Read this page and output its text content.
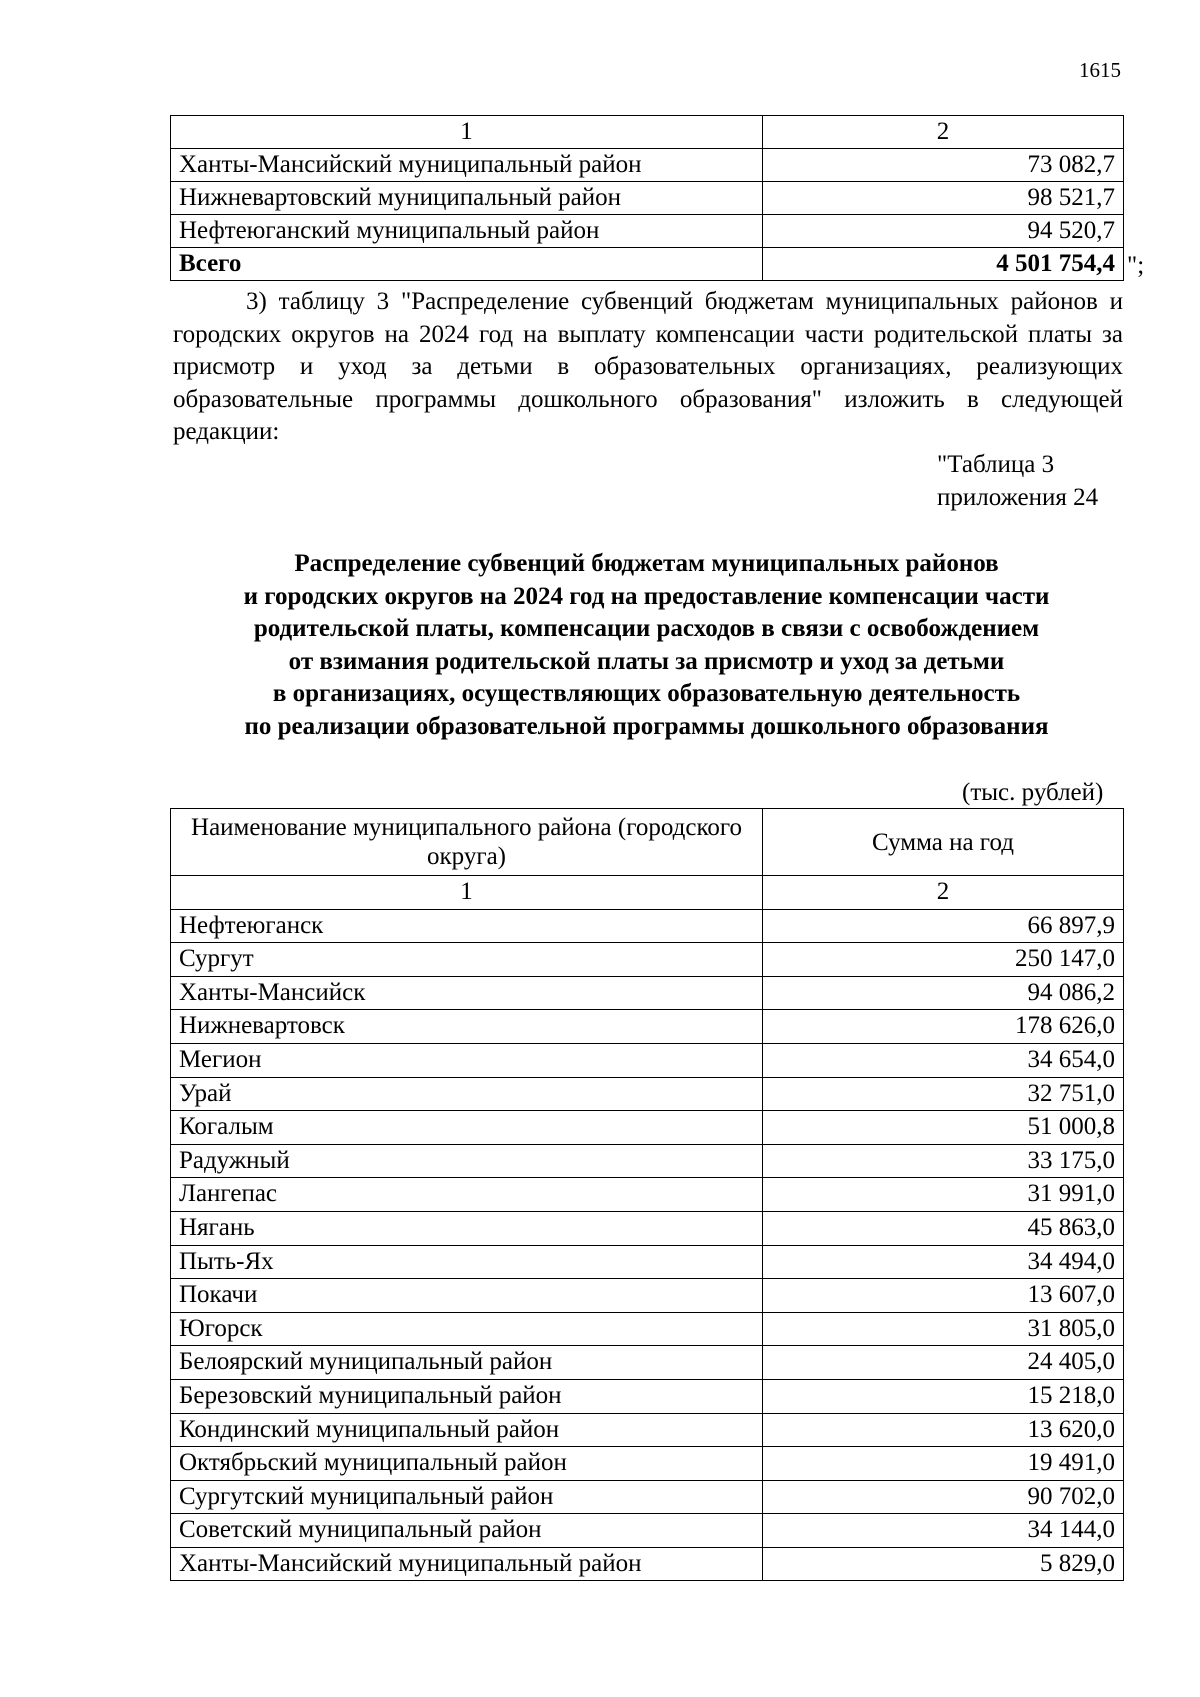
1615
1	2
Ханты-Мансийский муниципальный район	73 082,7
Нижневартовский муниципальный район	98 521,7
Нефтеюганский муниципальный район	94 520,7
Всего	4 501 754,4 ";

3) таблицу 3 "Распределение субвенций бюджетам муниципальных районов и городских округов на 2024 год на выплату компенсации части родительской платы за присмотр и уход за детьми в образовательных организациях, реализующих образовательные программы дошкольного образования" изложить в следующей редакции:

"Таблица 3
приложения 24
Распределение субвенций бюджетам муниципальных районов
и городских округов на 2024 год на предоставление компенсации части
родительской платы, компенсации расходов в связи с освобождением
от взимания родительской платы за присмотр и уход за детьми
в организациях, осуществляющих образовательную деятельность
по реализации образовательной программы дошкольного образования
(тыс. рублей)
Наименование муниципального района (городского округа)	Сумма на год
1	2
Нефтеюганск	66 897,9
Сургут	250 147,0
Ханты-Мансийск	94 086,2
Нижневартовск	178 626,0
Мегион	34 654,0
Урай	32 751,0
Когалым	51 000,8
Радужный	33 175,0
Лангепас	31 991,0
Нягань	45 863,0
Пыть-Ях	34 494,0
Покачи	13 607,0
Югорск	31 805,0
Белоярский муниципальный район	24 405,0
Березовский муниципальный район	15 218,0
Кондинский муниципальный район	13 620,0
Октябрьский муниципальный район	19 491,0
Сургутский муниципальный район	90 702,0
Советский муниципальный район	34 144,0
Ханты-Мансийский муниципальный район	5 829,0
